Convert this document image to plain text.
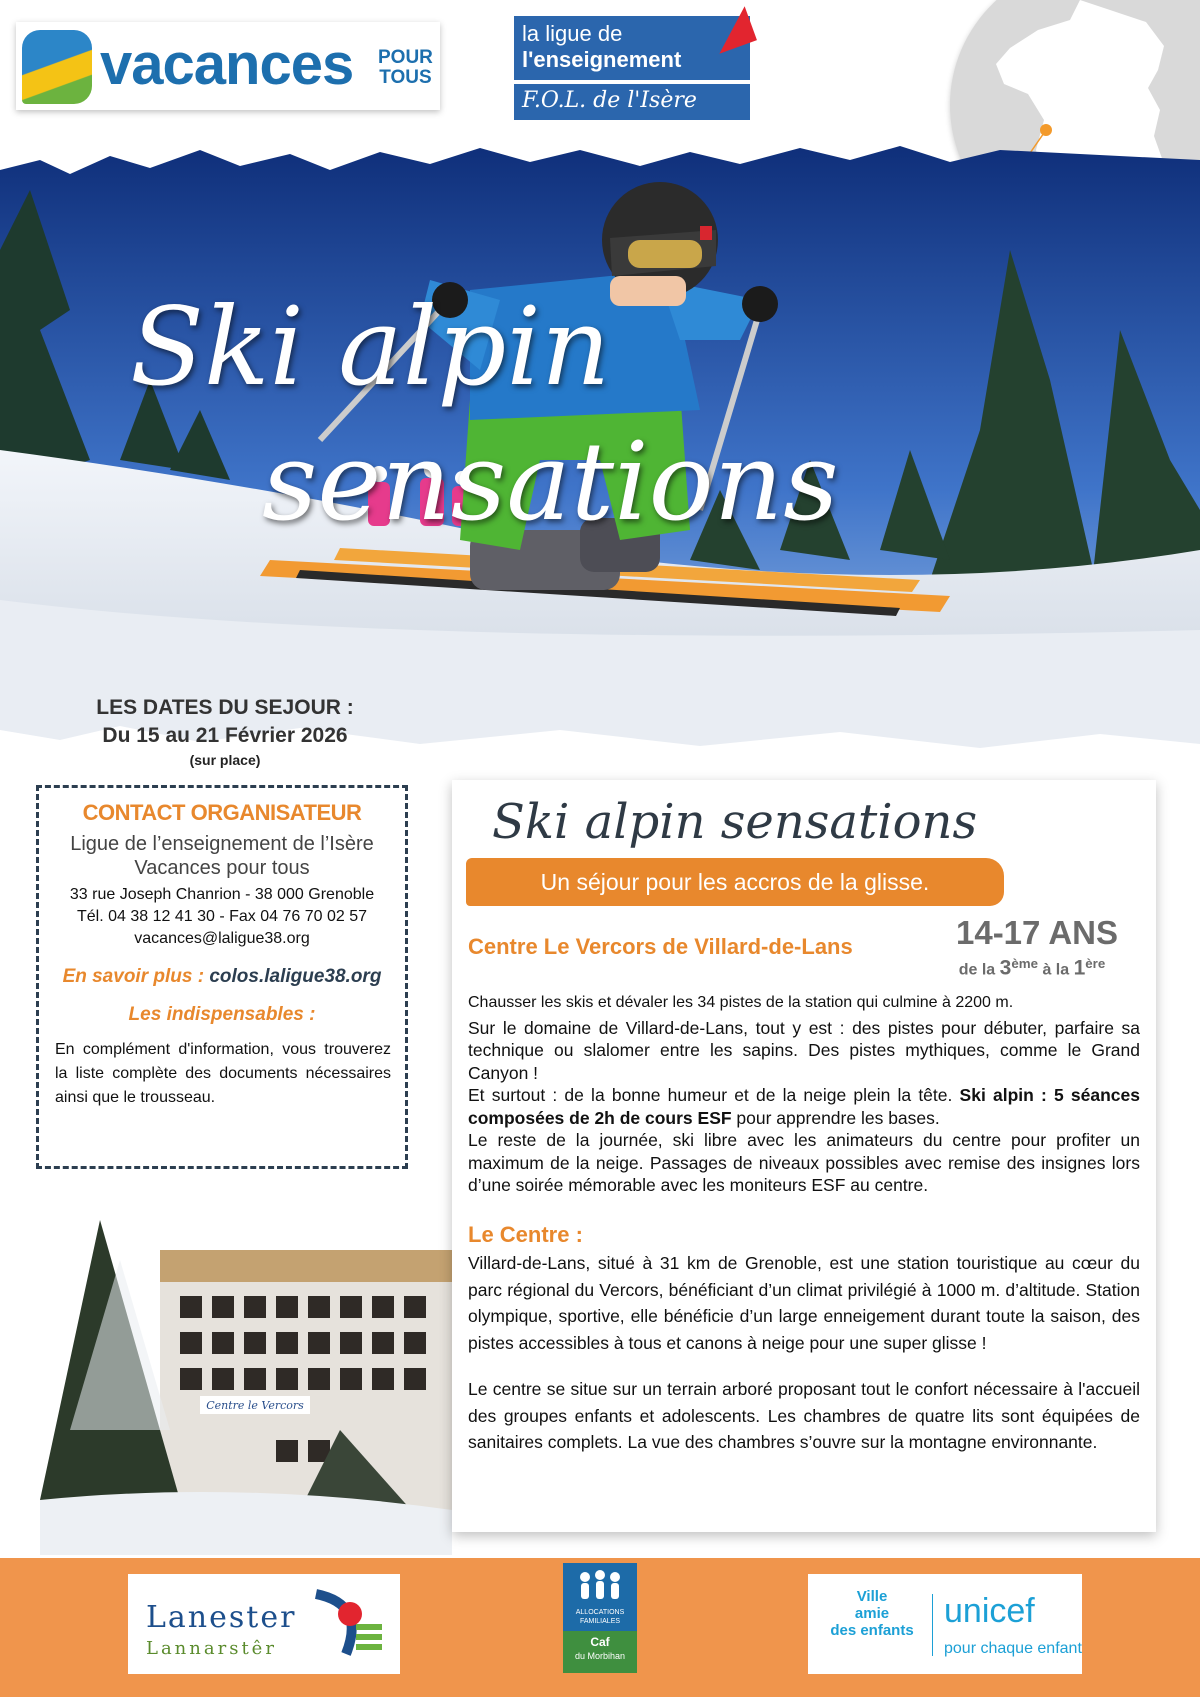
vacances POUR
TOUS
la ligue de
l'enseignement
F.O.L. de l'Isère
Ski alpin
sensations
LES DATES DU SEJOUR :
Du 15 au 21 Février 2026
(sur place)
CONTACT ORGANISATEUR
Ligue de l’enseignement de l’Isère
Vacances pour tous
33 rue Joseph Chanrion - 38 000 Grenoble
Tél. 04 38 12 41 30 - Fax 04 76 70 02 57
vacances@laligue38.org
En savoir plus : colos.laligue38.org
Les indispensables :
En complément d'information, vous trouverez la liste complète des documents nécessaires ainsi que le trousseau.
Centre le Vercors
Ski alpin sensations
Un séjour pour les accros de la glisse.
Centre Le Vercors de Villard-de-Lans	14-17 ANS
de la 3ème à la 1ère

Chausser les skis et dévaler les 34 pistes de la station qui culmine à 2200 m.

Sur le domaine de Villard-de-Lans, tout y est : des pistes pour débuter, parfaire sa technique ou slalomer entre les sapins. Des pistes mythiques, comme le Grand Canyon !

Et surtout : de la bonne humeur et de la neige plein la tête. Ski alpin : 5 séances composées de 2h de cours ESF pour apprendre les bases.

Le reste de la journée, ski libre avec les animateurs du centre pour profiter un maximum de la neige. Passages de niveaux possibles avec remise des insignes lors d’une soirée mémorable avec les moniteurs ESF au centre.

Le Centre :

Villard-de-Lans, situé à 31 km de Grenoble, est une station touristique au cœur du parc régional du Vercors, bénéficiant d’un climat privilégié à 1000 m. d’altitude. Station olympique, sportive, elle bénéficie d’un large enneigement durant toute la saison, des pistes accessibles à tous et canons à neige pour une super glisse !

Le centre se situe sur un terrain arboré proposant tout le confort nécessaire à l'accueil des groupes enfants et adolescents. Les chambres de quatre lits sont équipées de sanitaires complets. La vue des chambres s’ouvre sur la montagne environnante.

Lanester
Lannarstêr
ALLOCATIONS
FAMILIALES
Caf
du Morbihan
Ville
amie
des enfants
unicef
pour chaque enfant
